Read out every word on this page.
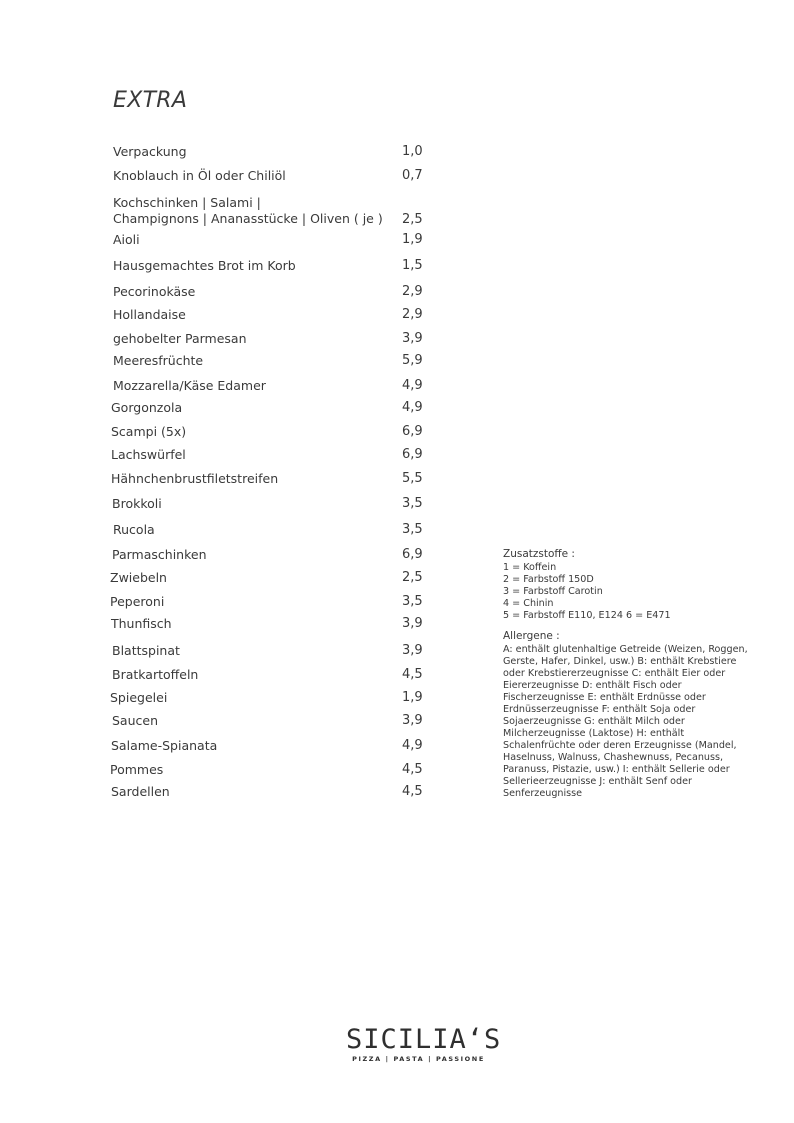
EXTRA
Verpackung	1,0
Knoblauch in Öl oder Chiliöl	0,7
Kochschinken | Salami |
Champignons | Ananasstücke | Oliven ( je )	2,5
Aioli	1,9
Hausgemachtes Brot im Korb	1,5
Pecorinokäse	2,9
Hollandaise	2,9
gehobelter Parmesan	3,9
Meeresfrüchte	5,9
Mozzarella/Käse Edamer	4,9
Gorgonzola	4,9
Scampi (5x)	6,9
Lachswürfel	6,9
Hähnchenbrustfiletstreifen	5,5
Brokkoli	3,5
Rucola	3,5
Parmaschinken	6,9
Zwiebeln	2,5
Peperoni	3,5
Thunfisch	3,9
Blattspinat	3,9
Bratkartoffeln	4,5
Spiegelei	1,9
Saucen	3,9
Salame-Spianata	4,9
Pommes	4,5
Sardellen	4,5
Zusatzstoffe :
1 = Koffein
2 = Farbstoff 150D
3 = Farbstoff Carotin
4 = Chinin
5 = Farbstoff E110, E124 6 = E471
Allergene :
A: enthält glutenhaltige Getreide (Weizen, Roggen,
Gerste, Hafer, Dinkel, usw.) B: enthält Krebstiere
oder Krebstiererzeugnisse C: enthält Eier oder
Eiererzeugnisse D: enthält Fisch oder
Fischerzeugnisse E: enthält Erdnüsse oder
Erdnüsserzeugnisse F: enthält Soja oder
Sojaerzeugnisse G: enthält Milch oder
Milcherzeugnisse (Laktose) H: enthält
Schalenfrüchte oder deren Erzeugnisse (Mandel,
Haselnuss, Walnuss, Chashewnuss, Pecanuss,
Paranuss, Pistazie, usw.) I: enthält Sellerie oder
Sellerieerzeugnisse J: enthält Senf oder
Senferzeugnisse
SICILIA‘S
PIZZA | PASTA | PASSIONE
